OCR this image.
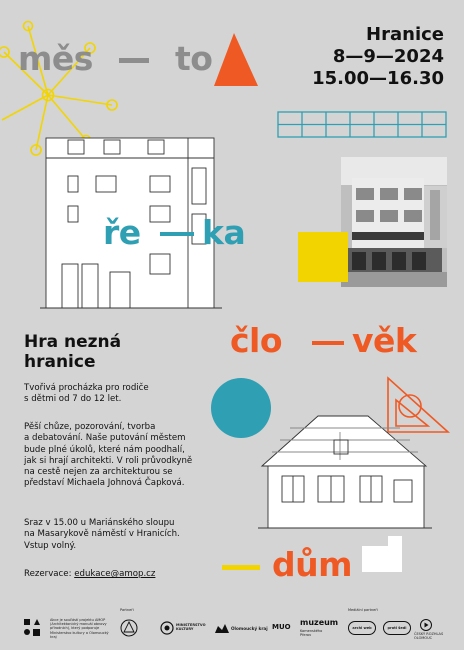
měs to
ře ka
člo věk
dům
Hranice
8—9—2024
15.00—16.30
Hra nezná
hranice
Tvořivá procházka pro rodiče
s dětmi od 7 do 12 let.
Pěší chůze, pozorování, tvorba
a debatování. Naše putování městem
bude plné úkolů, které nám poodhalí,
jak si hrají architekti. V roli průvodkyně
na cestě nejen za architekturou se
představí Michaela Johnová Čapková.
Sraz v 15.00 u Mariánského sloupu
na Masarykově náměstí v Hranicích.
Vstup volný.
Rezervace: edukace@amop.cz
Akce je součástí projektu AMOP
(Architektonický manuál obnovy
přírodních), který podporuje
Ministerstvo kultury a Olomoucký kraj
Partneři
MINISTERSTVO KULTURY	Olomoucký kraj MUO muzeum
Komenského Přerov
Mediální partneři
archi web	proti šedi
ČESKÝ ROZHLAS OLOMOUC
